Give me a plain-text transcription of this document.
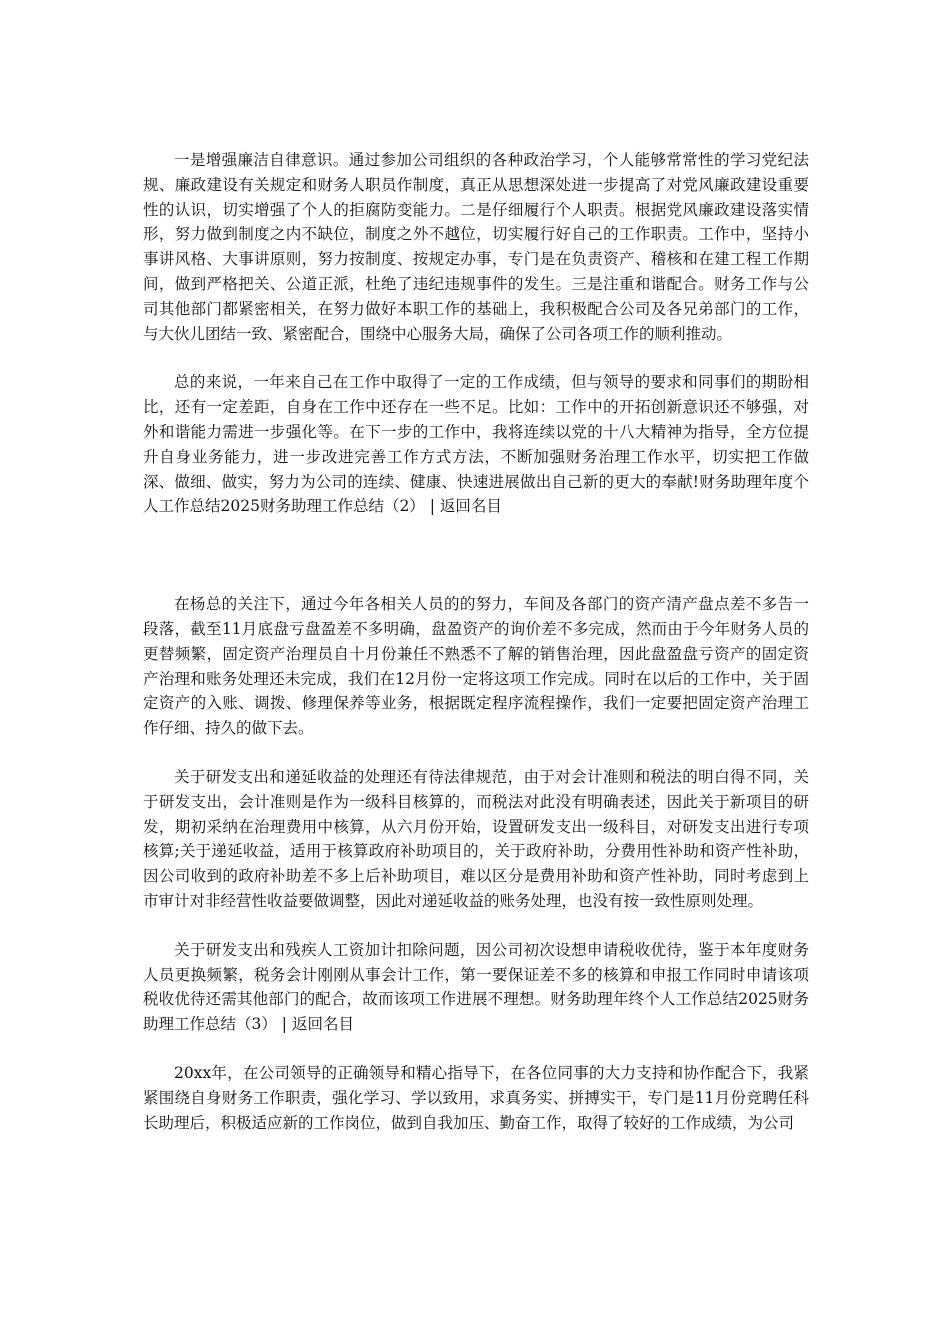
一是增强廉洁自律意识。通过参加公司组织的各种政治学习，个人能够常常性的学习党纪法规、廉政建设有关规定和财务人职员作制度，真正从思想深处进一步提高了对党风廉政建设重要性的认识，切实增强了个人的拒腐防变能力。二是仔细履行个人职责。根据党风廉政建设落实情形，努力做到制度之内不缺位，制度之外不越位，切实履行好自己的工作职责。工作中，坚持小事讲风格、大事讲原则，努力按制度、按规定办事，专门是在负责资产、稽核和在建工程工作期间，做到严格把关、公道正派，杜绝了违纪违规事件的发生。三是注重和谐配合。财务工作与公司其他部门都紧密相关，在努力做好本职工作的基础上，我积极配合公司及各兄弟部门的工作，与大伙儿团结一致、紧密配合，围绕中心服务大局，确保了公司各项工作的顺利推动。

总的来说，一年来自己在工作中取得了一定的工作成绩，但与领导的要求和同事们的期盼相比，还有一定差距，自身在工作中还存在一些不足。比如：工作中的开拓创新意识还不够强，对外和谐能力需进一步强化等。在下一步的工作中，我将连续以党的十八大精神为指导，全方位提升自身业务能力，进一步改进完善工作方式方法，不断加强财务治理工作水平，切实把工作做深、做细、做实，努力为公司的连续、健康、快速进展做出自己新的更大的奉献!财务助理年度个人工作总结2025财务助理工作总结（2） | 返回名目

在杨总的关注下，通过今年各相关人员的的努力，车间及各部门的资产清产盘点差不多告一段落，截至11月底盘亏盘盈差不多明确，盘盈资产的询价差不多完成，然而由于今年财务人员的更替频繁，固定资产治理员自十月份兼任不熟悉不了解的销售治理，因此盘盈盘亏资产的固定资产治理和账务处理还未完成，我们在12月份一定将这项工作完成。同时在以后的工作中，关于固定资产的入账、调拨、修理保养等业务，根据既定程序流程操作，我们一定要把固定资产治理工作仔细、持久的做下去。

关于研发支出和递延收益的处理还有待法律规范，由于对会计准则和税法的明白得不同，关于研发支出，会计准则是作为一级科目核算的，而税法对此没有明确表述，因此关于新项目的研发，期初采纳在治理费用中核算，从六月份开始，设置研发支出一级科目，对研发支出进行专项核算;关于递延收益，适用于核算政府补助项目的，关于政府补助，分费用性补助和资产性补助，因公司收到的政府补助差不多上后补助项目，难以区分是费用补助和资产性补助，同时考虑到上市审计对非经营性收益要做调整，因此对递延收益的账务处理，也没有按一致性原则处理。

关于研发支出和残疾人工资加计扣除问题，因公司初次设想申请税收优待，鉴于本年度财务人员更换频繁，税务会计刚刚从事会计工作，第一要保证差不多的核算和申报工作同时申请该项税收优待还需其他部门的配合，故而该项工作进展不理想。财务助理年终个人工作总结2025财务助理工作总结（3） | 返回名目

20xx年，在公司领导的正确领导和精心指导下，在各位同事的大力支持和协作配合下，我紧紧围绕自身财务工作职责，强化学习、学以致用，求真务实、拼搏实干，专门是11月份竞聘任科长助理后，积极适应新的工作岗位，做到自我加压、勤奋工作，取得了较好的工作成绩，为公司
